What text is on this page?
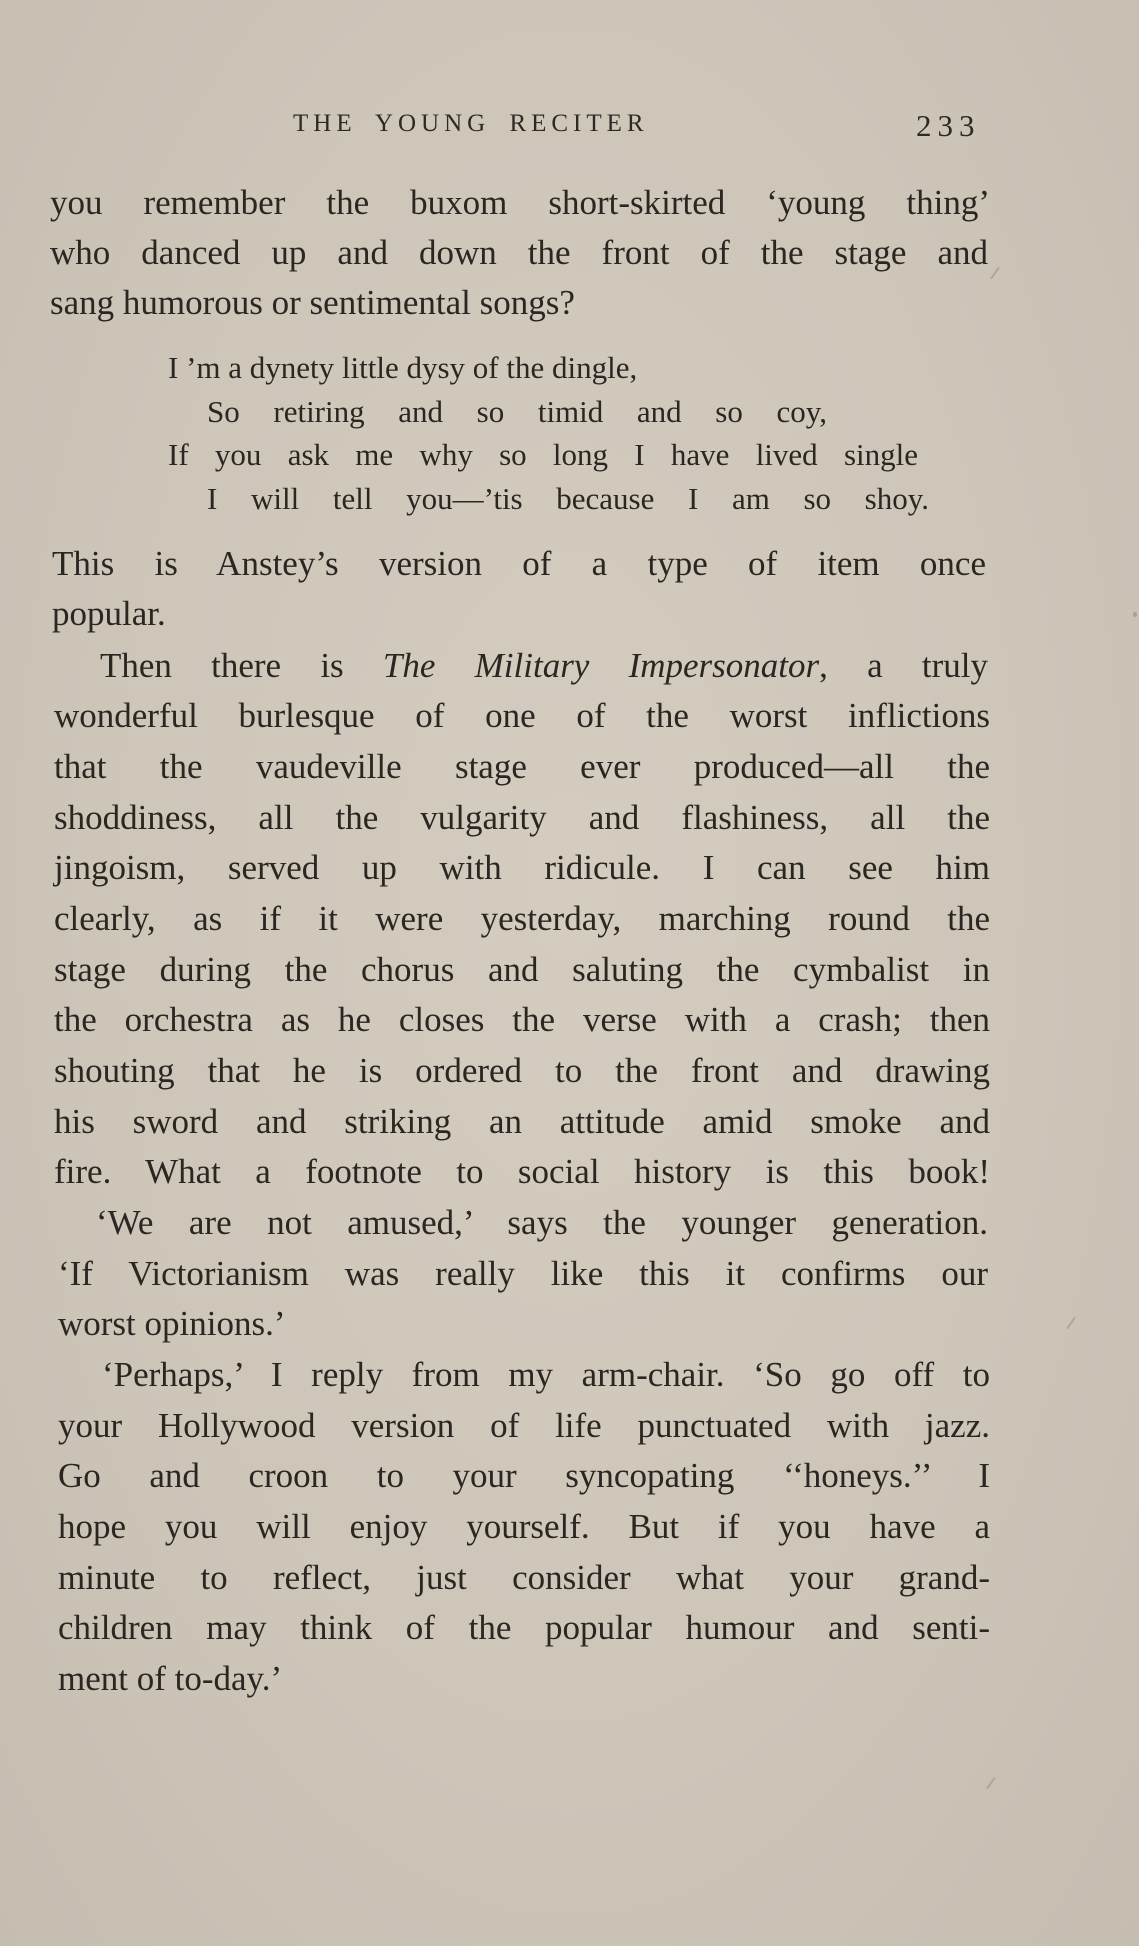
THE YOUNG RECITER	233

you remember the buxom short-skirted ‘young thing’

who danced up and down the front of the stage and

sang humorous or sentimental songs?

I ’m a dynety little dysy of the dingle,

So retiring and so timid and so coy,

If you ask me why so long I have lived single

I will tell you—’tis because I am so shoy.

This is Anstey’s version of a type of item once

popular.

Then there is The Military Impersonator, a truly

wonderful burlesque of one of the worst inflictions

that the vaudeville stage ever produced—all the

shoddiness, all the vulgarity and flashiness, all the

jingoism, served up with ridicule. I can see him

clearly, as if it were yesterday, marching round the

stage during the chorus and saluting the cymbalist in

the orchestra as he closes the verse with a crash; then

shouting that he is ordered to the front and drawing

his sword and striking an attitude amid smoke and

fire. What a footnote to social history is this book!

‘We are not amused,’ says the younger generation.

‘If Victorianism was really like this it confirms our

worst opinions.’

‘Perhaps,’ I reply from my arm-chair. ‘So go off to

your Hollywood version of life punctuated with jazz.

Go and croon to your syncopating ‘‘honeys.’’ I

hope you will enjoy yourself. But if you have a

minute to reflect, just consider what your grand-

children may think of the popular humour and senti-

ment of to-day.’
